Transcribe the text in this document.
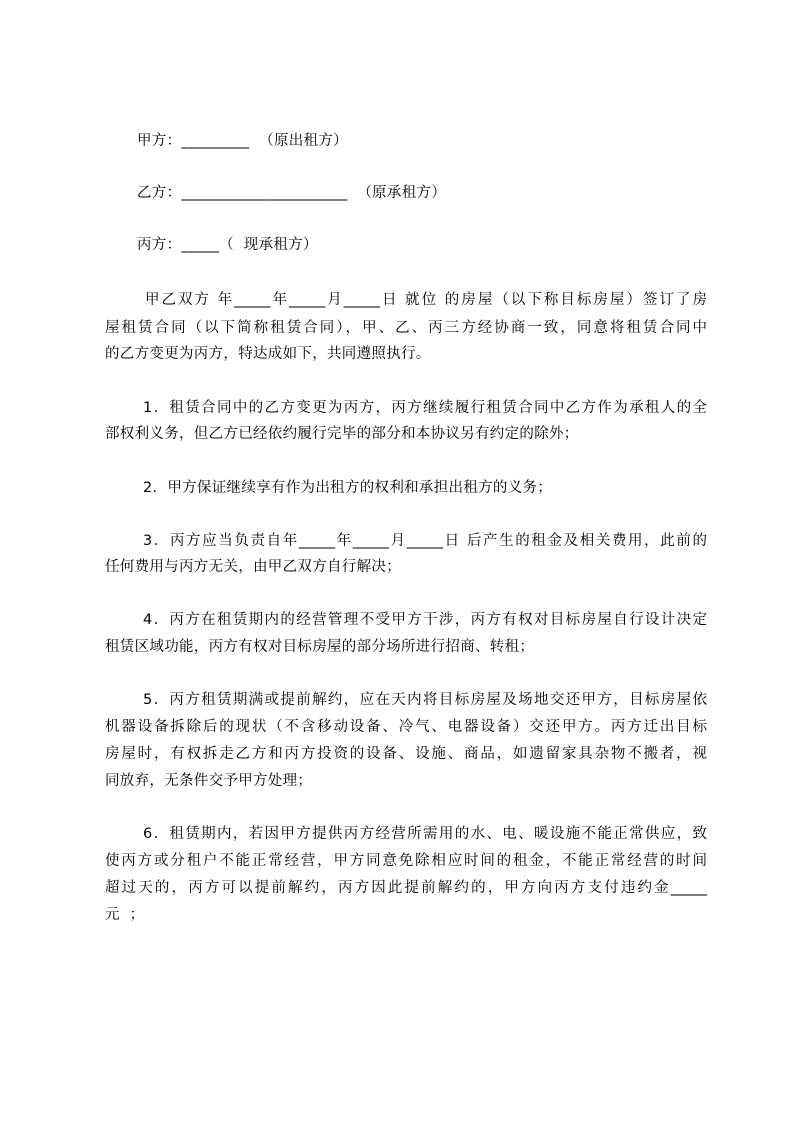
甲方：_________  （原出租方）

乙方：______________________  （原承租方）

丙方：_____（  现承租方）

甲乙双方 年_____年_____月_____日 就位 的房屋（以下称目标房屋）签订了房

屋租赁合同（以下简称租赁合同），甲、乙、丙三方经协商一致，同意将租赁合同中

的乙方变更为丙方，特达成如下，共同遵照执行。

1．租赁合同中的乙方变更为丙方，丙方继续履行租赁合同中乙方作为承租人的全

部权利义务，但乙方已经依约履行完毕的部分和本协议另有约定的除外；

2．甲方保证继续享有作为出租方的权利和承担出租方的义务；

3．丙方应当负责自年_____年_____月_____日 后产生的租金及相关费用，此前的

任何费用与丙方无关，由甲乙双方自行解决；

4．丙方在租赁期内的经营管理不受甲方干涉，丙方有权对目标房屋自行设计决定

租赁区域功能，丙方有权对目标房屋的部分场所进行招商、转租；

5．丙方租赁期满或提前解约，应在天内将目标房屋及场地交还甲方，目标房屋依

机器设备拆除后的现状（不含移动设备、冷气、电器设备）交还甲方。丙方迁出目标

房屋时，有权拆走乙方和丙方投资的设备、设施、商品，如遗留家具杂物不搬者，视

同放弃，无条件交予甲方处理；

6．租赁期内，若因甲方提供丙方经营所需用的水、电、暖设施不能正常供应，致

使丙方或分租户不能正常经营，甲方同意免除相应时间的租金，不能正常经营的时间

超过天的，丙方可以提前解约，丙方因此提前解约的，甲方向丙方支付违约金_____

元  ；
